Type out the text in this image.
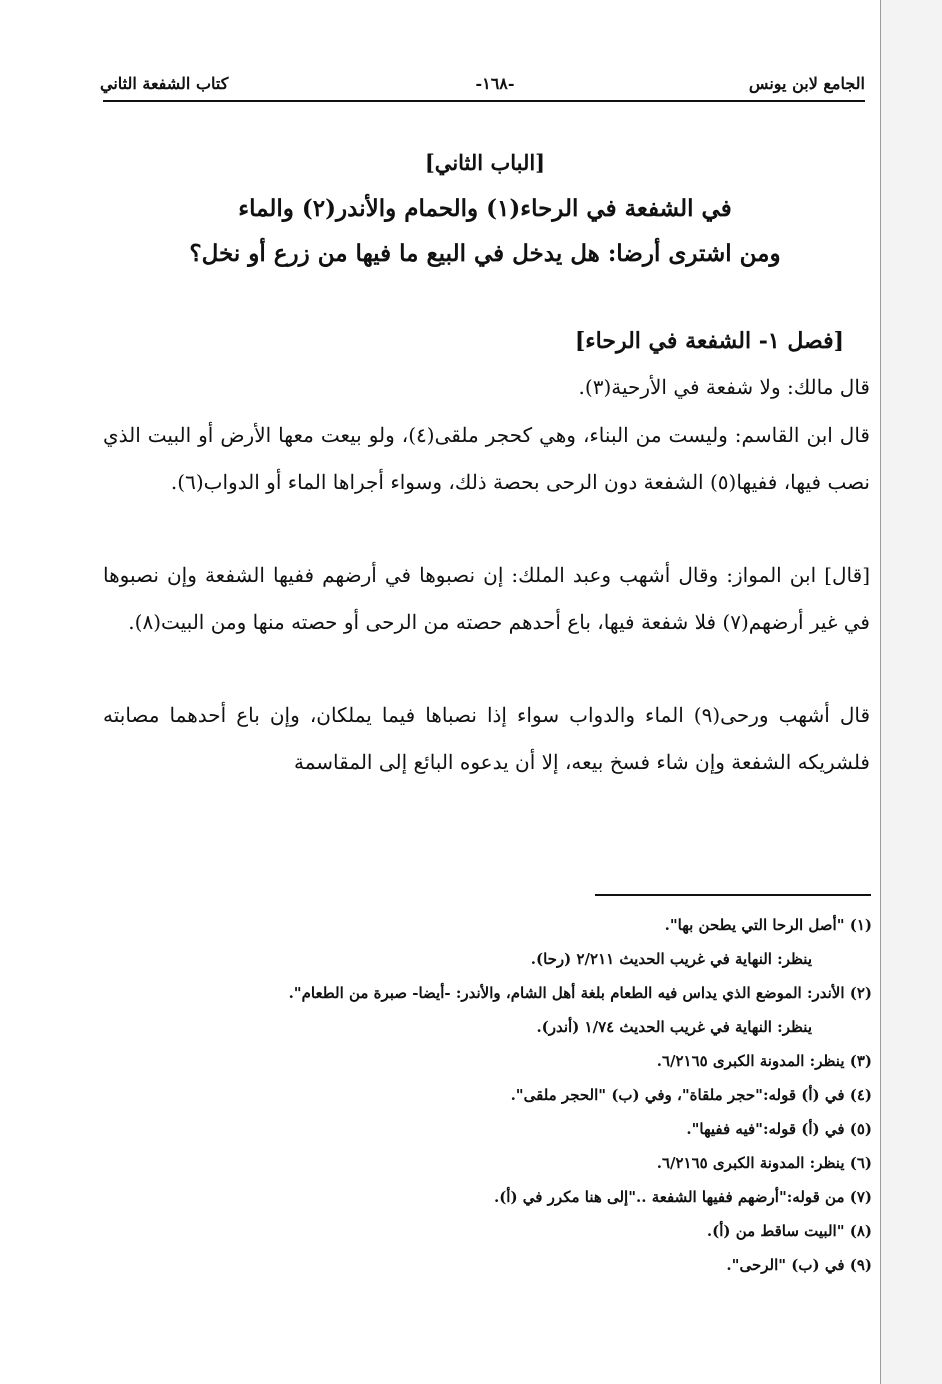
الجامع لابن يونس
-١٦٨-
كتاب الشفعة الثاني
[الباب الثاني]
في الشفعة في الرحاء(١) والحمام والأندر(٢) والماء
ومن اشترى أرضا: هل يدخل في البيع ما فيها من زرع أو نخل؟
[فصل ١- الشفعة في الرحاء]
قال مالك: ولا شفعة في الأرحية(٣).
قال ابن القاسم: وليست من البناء، وهي كحجر ملقى(٤)، ولو بيعت معها الأرض أو البيت الذي نصب فيها، ففيها(٥) الشفعة دون الرحى بحصة ذلك، وسواء أجراها الماء أو الدواب(٦).
[قال] ابن المواز: وقال أشهب وعبد الملك: إن نصبوها في أرضهم ففيها الشفعة وإن نصبوها في غير أرضهم(٧) فلا شفعة فيها، باع أحدهم حصته من الرحى أو حصته منها ومن البيت(٨).
قال أشهب ورحى(٩) الماء والدواب سواء إذا نصباها فيما يملكان، وإن باع أحدهما مصابته فلشريكه الشفعة وإن شاء فسخ بيعه، إلا أن يدعوه البائع إلى المقاسمة
(١) "أصل الرحا التي يطحن بها".
ينظر: النهاية في غريب الحديث ٢/٢١١ (رحا).
(٢) الأندر: الموضع الذي يداس فيه الطعام بلغة أهل الشام، والأندر: -أيضا- صبرة من الطعام".
ينظر: النهاية في غريب الحديث ١/٧٤ (أندر).
(٣) ينظر: المدونة الكبرى ٦/٢١٦٥.
(٤) في (أ) قوله:"حجر ملقاة"، وفي (ب) "الحجر ملقى".
(٥) في (أ) قوله:"فيه ففيها".
(٦) ينظر: المدونة الكبرى ٦/٢١٦٥.
(٧) من قوله:"أرضهم ففيها الشفعة .."إلى هنا مكرر في (أ).
(٨) "البيت ساقط من (أ).
(٩) في (ب) "الرحى".
